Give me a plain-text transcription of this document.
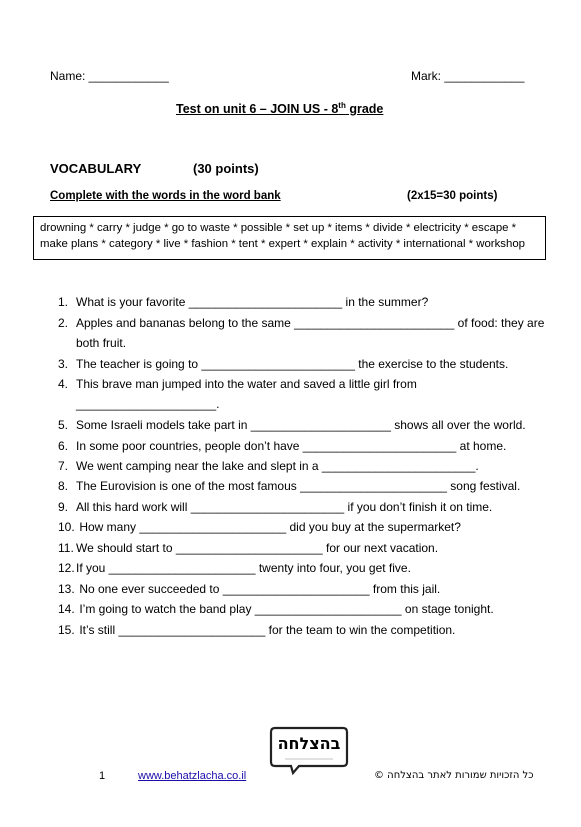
Name: ____________	Mark: ____________
Test on unit 6 – JOIN US - 8th grade
VOCABULARY	(30 points)
Complete with the words in the word bank	(2x15=30 points)
drowning * carry * judge * go to waste * possible * set up * items * divide * electricity * escape *
make plans * category * live * fashion * tent * expert * explain * activity * international * workshop
1. What is your favorite _______________________ in the summer?
2. Apples and bananas belong to the same ________________________ of food: they are
both fruit.
3. The teacher is going to _______________________ the exercise to the students.
4. This brave man jumped into the water and saved a little girl from
_____________________.
5. Some Israeli models take part in _____________________ shows all over the world.
6. In some poor countries, people don’t have _______________________ at home.
7. We went camping near the lake and slept in a _______________________.
8. The Eurovision is one of the most famous ______________________ song festival.
9. All this hard work will _______________________ if you don’t finish it on time.
10. How many ______________________ did you buy at the supermarket?
11. We should start to ______________________ for our next vacation.
12.If you ______________________ twenty into four, you get five.
13. No one ever succeeded to ______________________ from this jail.
14. I’m going to watch the band play ______________________ on stage tonight.
15. It’s still ______________________ for the team to win the competition.
בהצלחה
1	www.behatzlacha.co.il	כל הזכויות שמורות לאתר בהצלחה ©
